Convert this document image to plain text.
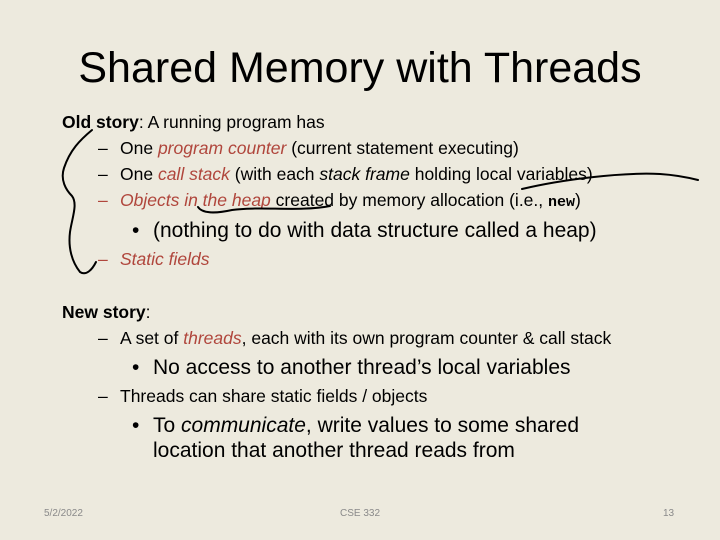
Shared Memory with Threads
Old story: A running program has
– One program counter (current statement executing)
– One call stack (with each stack frame holding local variables)
– Objects in the heap created by memory allocation (i.e., new)
• (nothing to do with data structure called a heap)
– Static fields
New story:
– A set of threads, each with its own program counter & call stack
• No access to another thread’s local variables
– Threads can share static fields / objects
• To communicate, write values to some shared
location that another thread reads from
5/2/2022	CSE 332	13
